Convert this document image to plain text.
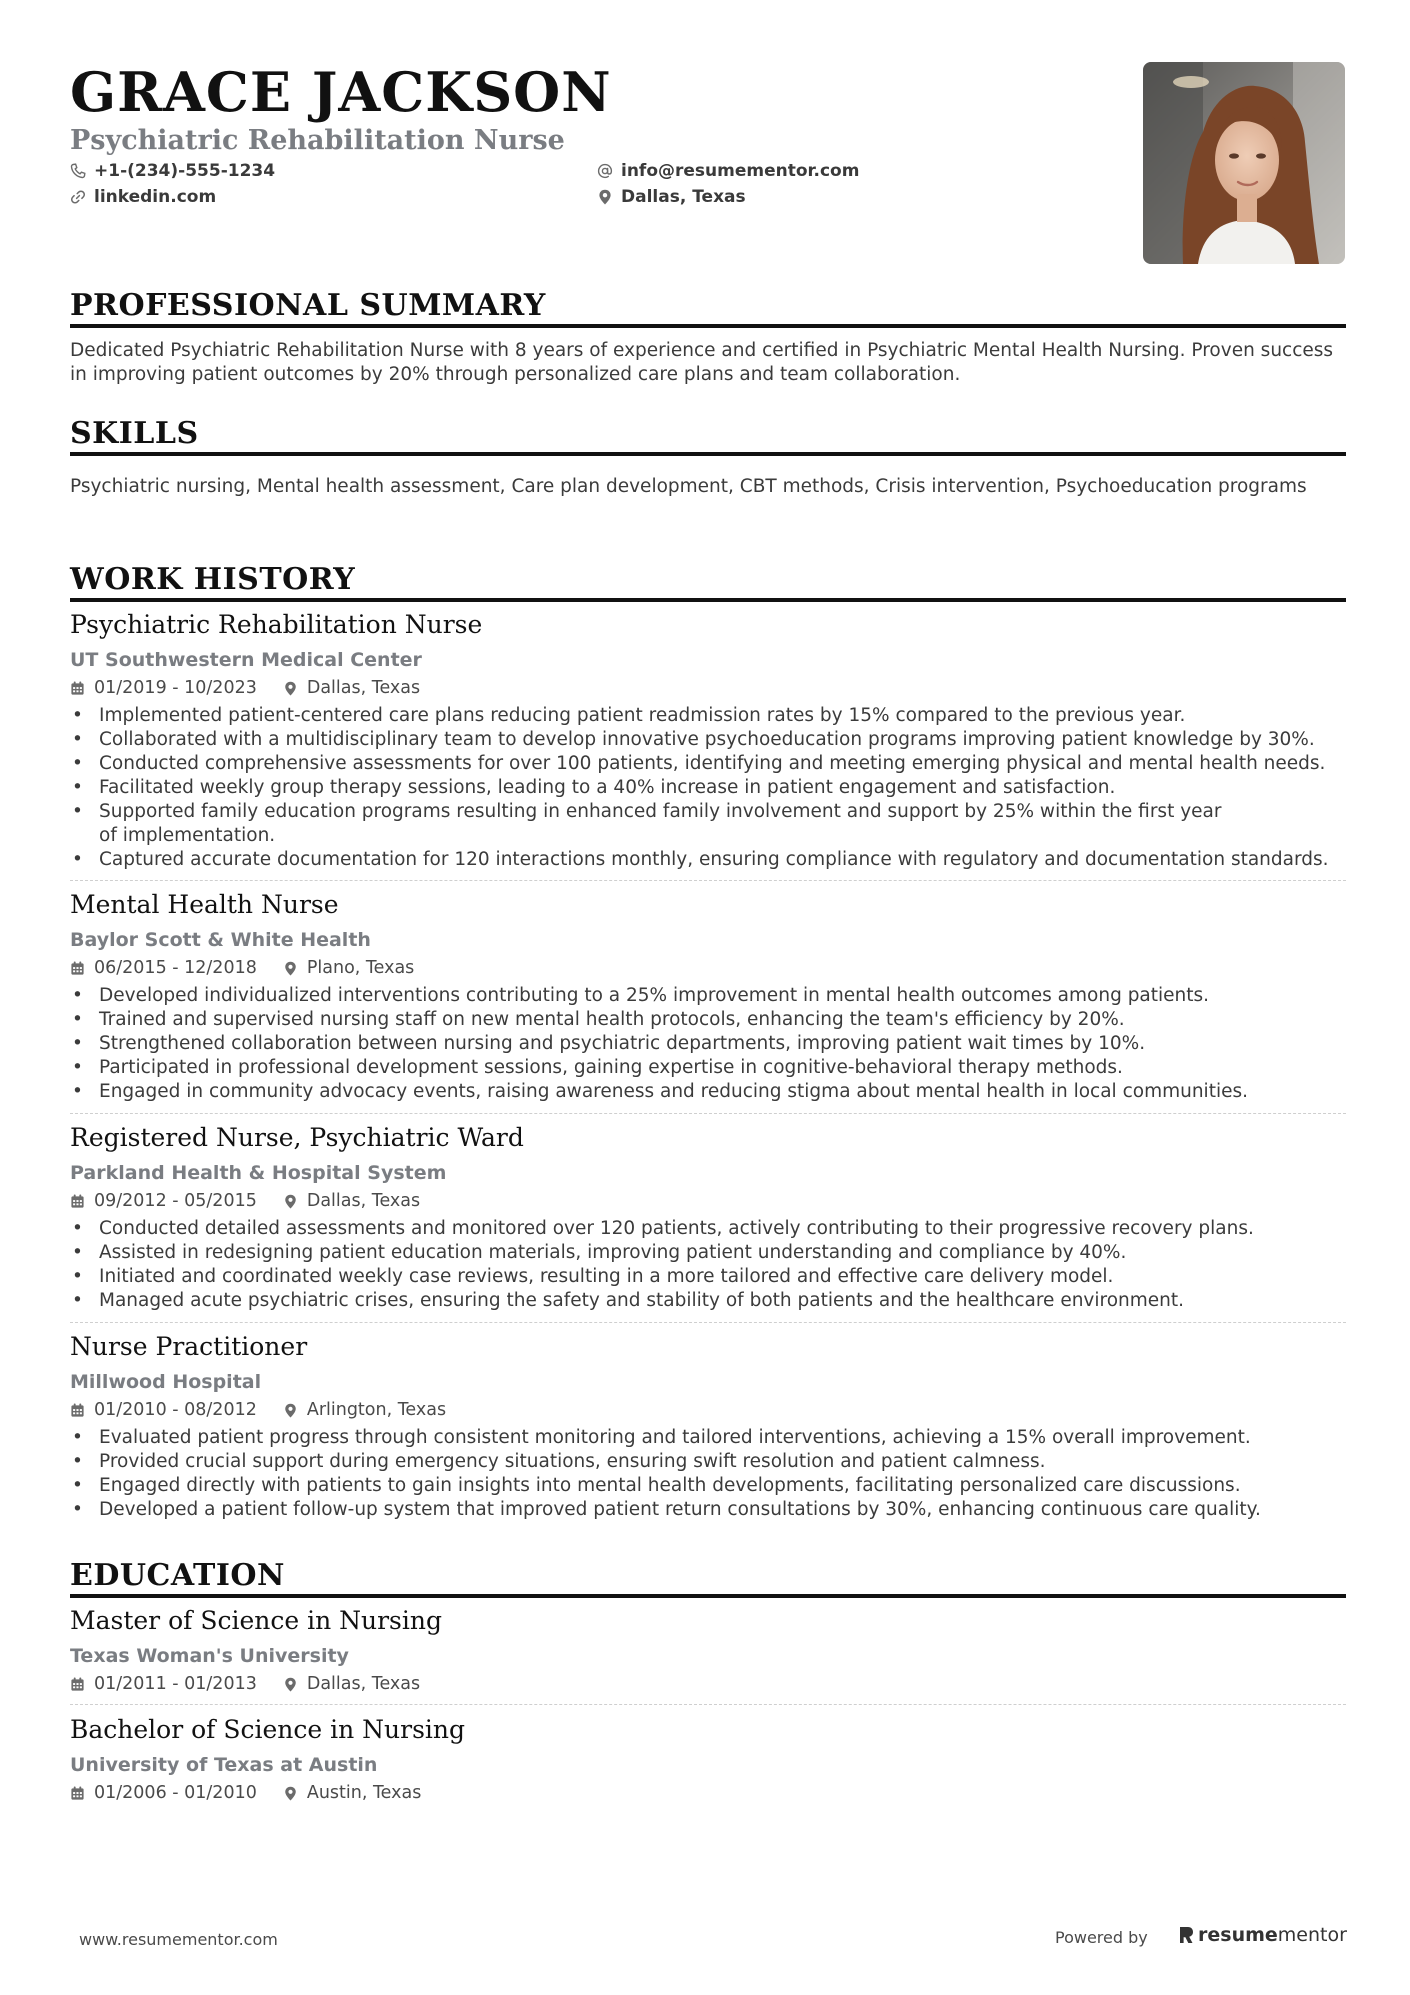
GRACE JACKSON
Psychiatric Rehabilitation Nurse
+1-(234)-555-1234
linkedin.com
info@resumementor.com
Dallas, Texas
PROFESSIONAL SUMMARY
Dedicated Psychiatric Rehabilitation Nurse with 8 years of experience and certified in Psychiatric Mental Health Nursing. Proven success in improving patient outcomes by 20% through personalized care plans and team collaboration.
SKILLS
Psychiatric nursing, Mental health assessment, Care plan development, CBT methods, Crisis intervention, Psychoeducation programs
WORK HISTORY
Psychiatric Rehabilitation Nurse
UT Southwestern Medical Center
01/2019 - 10/2023	Dallas, Texas
• Implemented patient-centered care plans reducing patient readmission rates by 15% compared to the previous year.
• Collaborated with a multidisciplinary team to develop innovative psychoeducation programs improving patient knowledge by 30%.
• Conducted comprehensive assessments for over 100 patients, identifying and meeting emerging physical and mental health needs.
• Facilitated weekly group therapy sessions, leading to a 40% increase in patient engagement and satisfaction.
• Supported family education programs resulting in enhanced family involvement and support by 25% within the first year of implementation.
• Captured accurate documentation for 120 interactions monthly, ensuring compliance with regulatory and documentation standards.
Mental Health Nurse
Baylor Scott & White Health
06/2015 - 12/2018	Plano, Texas
• Developed individualized interventions contributing to a 25% improvement in mental health outcomes among patients.
• Trained and supervised nursing staff on new mental health protocols, enhancing the team's efficiency by 20%.
• Strengthened collaboration between nursing and psychiatric departments, improving patient wait times by 10%.
• Participated in professional development sessions, gaining expertise in cognitive-behavioral therapy methods.
• Engaged in community advocacy events, raising awareness and reducing stigma about mental health in local communities.
Registered Nurse, Psychiatric Ward
Parkland Health & Hospital System
09/2012 - 05/2015	Dallas, Texas
• Conducted detailed assessments and monitored over 120 patients, actively contributing to their progressive recovery plans.
• Assisted in redesigning patient education materials, improving patient understanding and compliance by 40%.
• Initiated and coordinated weekly case reviews, resulting in a more tailored and effective care delivery model.
• Managed acute psychiatric crises, ensuring the safety and stability of both patients and the healthcare environment.
Nurse Practitioner
Millwood Hospital
01/2010 - 08/2012	Arlington, Texas
• Evaluated patient progress through consistent monitoring and tailored interventions, achieving a 15% overall improvement.
• Provided crucial support during emergency situations, ensuring swift resolution and patient calmness.
• Engaged directly with patients to gain insights into mental health developments, facilitating personalized care discussions.
• Developed a patient follow-up system that improved patient return consultations by 30%, enhancing continuous care quality.
EDUCATION
Master of Science in Nursing
Texas Woman's University
01/2011 - 01/2013	Dallas, Texas
Bachelor of Science in Nursing
University of Texas at Austin
01/2006 - 01/2010	Austin, Texas
www.resumementor.com	Powered by	resumementor
